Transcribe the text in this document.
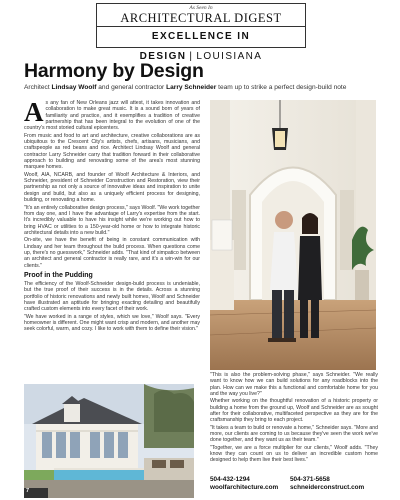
As Seen In
ARCHITECTURAL DIGEST
EXCELLENCE IN DESIGN | LOUISIANA
Harmony by Design
Architect Lindsay Woolf and general contractor Larry Schneider team up to strike a perfect design-build note
A s any fan of New Orleans jazz will attest, it takes innovation and collaboration to make great music. It is a sound born of years of familiarity and practice, and it exemplifies a tradition of creative partnership that has been integral to the evolution of one of the country's most storied cultural epicenters.

From music and food to art and architecture, creative collaborations are as ubiquitous to the Crescent City's artists, chefs, artisans, musicians, and craftspeople as red beans and rice. Architect Lindsay Woolf and general contractor Larry Schneider carry that tradition forward in their collaborative approach to building and renovating some of the area's most stunning marquee homes.

Woolf, AIA, NCARB, and founder of Woolf Architecture & Interiors, and Schneider, president of Schneider Construction and Restoration, view their partnership as not only a source of innovative ideas and inspiration to unite design and build, but also as a uniquely efficient process for designing, building, or renovating a home.

"It's an entirely collaborative design process," says Woolf. "We work together from day one, and I have the advantage of Larry's expertise from the start. It's incredibly valuable to have his insight while we're working out how to bring HVAC or utilities to a 150-year-old home or how to integrate historic architectural details into a new build."

On-site, we have the benefit of being in constant communication with Lindsay and her team throughout the build process. When questions come up, there's no guesswork," Schneider adds. "That kind of simpatico between an architect and general contractor is really rare, and it's a win-win for our clients."

Proof in the Pudding

The efficiency of the Woolf-Schneider design-build process is undeniable, but the true proof of their success is in the details. Across a stunning portfolio of historic renovations and newly built homes, Woolf and Schneider have illustrated an aptitude for bringing exacting detailing and beautifully crafted custom elements into every facet of their work.

"We have worked in a range of styles, which we love," Woolf says. "Every homeowner is different. One might want crisp and modern, and another may seek colorful, warm, and cozy. I like to work with them to define their vision."

7

"This is also the problem-solving phase," says Schneider. "We really want to know how we can build solutions for any roadblocks into the plan. How can we make this a functional and comfortable home for you and the way you live?"

Whether working on the thoughtful renovation of a historic property or building a home from the ground up, Woolf and Schneider are as sought after for their collaborative, multifaceted perspective as they are for the craftsmanship they bring to each project.

"It takes a team to build or renovate a home," Schneider says. "More and more, our clients are coming to us because they've seen the work we've done together, and they want us as their team."

"Together, we are a force multiplier for our clients," Woolf adds. "They know they can count on us to deliver an incredible custom home designed to help them live their best lives."

504-432-1294
woolfarchitecture.com
504-371-5658
schneiderconstruct.com
